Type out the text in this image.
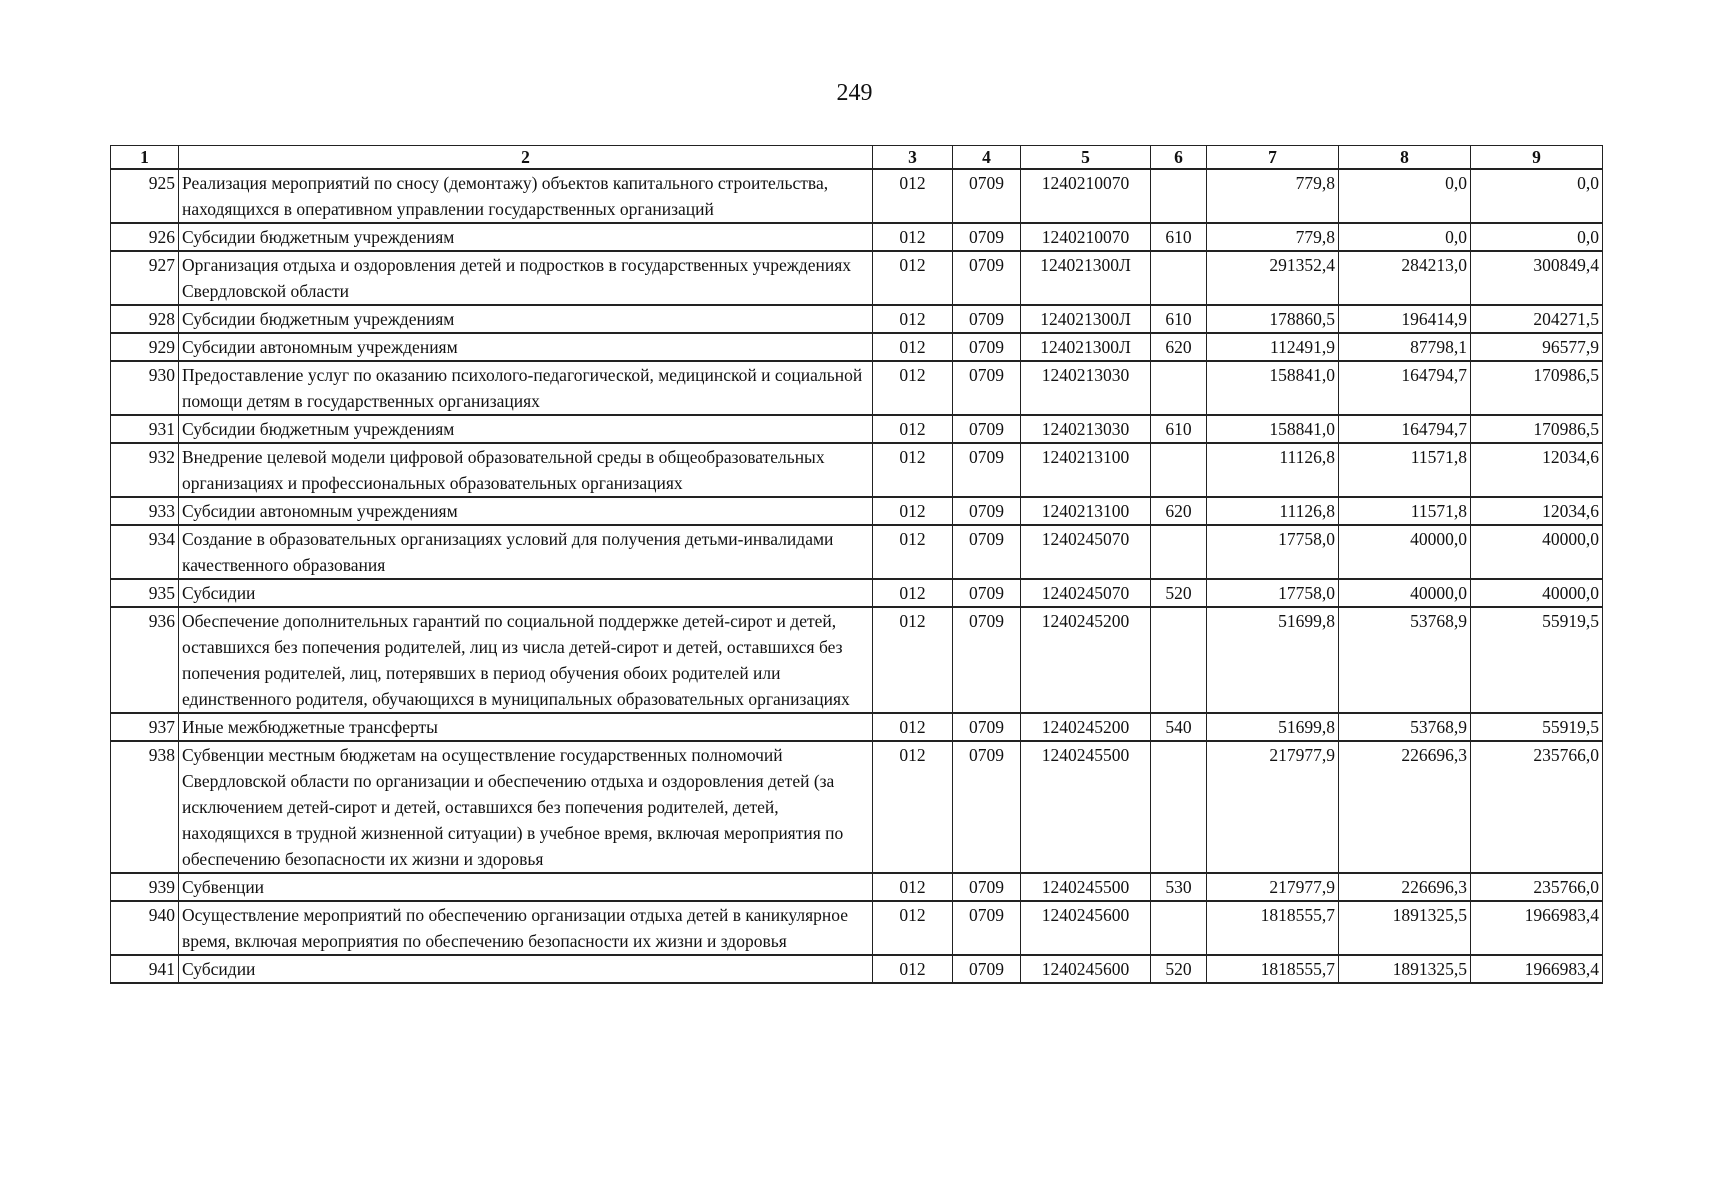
249
1	2	3	4	5	6	7	8	9
925	Реализация мероприятий по сносу (демонтажу) объектов капитального строительства, находящихся в оперативном управлении государственных организаций	012	0709	1240210070		779,8	0,0	0,0
926	Субсидии бюджетным учреждениям	012	0709	1240210070	610	779,8	0,0	0,0
927	Организация отдыха и оздоровления детей и подростков в государственных учреждениях Свердловской области	012	0709	124021300Л		291352,4	284213,0	300849,4
928	Субсидии бюджетным учреждениям	012	0709	124021300Л	610	178860,5	196414,9	204271,5
929	Субсидии автономным учреждениям	012	0709	124021300Л	620	112491,9	87798,1	96577,9
930	Предоставление услуг по оказанию психолого-педагогической, медицинской и социальной помощи детям в государственных организациях	012	0709	1240213030		158841,0	164794,7	170986,5
931	Субсидии бюджетным учреждениям	012	0709	1240213030	610	158841,0	164794,7	170986,5
932	Внедрение целевой модели цифровой образовательной среды в общеобразовательных организациях и профессиональных образовательных организациях	012	0709	1240213100		11126,8	11571,8	12034,6
933	Субсидии автономным учреждениям	012	0709	1240213100	620	11126,8	11571,8	12034,6
934	Создание в образовательных организациях условий для получения детьми-инвалидами качественного образования	012	0709	1240245070		17758,0	40000,0	40000,0
935	Субсидии	012	0709	1240245070	520	17758,0	40000,0	40000,0
936	Обеспечение дополнительных гарантий по социальной поддержке детей-сирот и детей, оставшихся без попечения родителей, лиц из числа детей-сирот и детей, оставшихся без попечения родителей, лиц, потерявших в период обучения обоих родителей или единственного родителя, обучающихся в муниципальных образовательных организациях	012	0709	1240245200		51699,8	53768,9	55919,5
937	Иные межбюджетные трансферты	012	0709	1240245200	540	51699,8	53768,9	55919,5
938	Субвенции местным бюджетам на осуществление государственных полномочий Свердловской области по организации и обеспечению отдыха и оздоровления детей (за исключением детей-сирот и детей, оставшихся без попечения родителей, детей, находящихся в трудной жизненной ситуации) в учебное время, включая мероприятия по обеспечению безопасности их жизни и здоровья	012	0709	1240245500		217977,9	226696,3	235766,0
939	Субвенции	012	0709	1240245500	530	217977,9	226696,3	235766,0
940	Осуществление мероприятий по обеспечению организации отдыха детей в каникулярное время, включая мероприятия по обеспечению безопасности их жизни и здоровья	012	0709	1240245600		1818555,7	1891325,5	1966983,4
941	Субсидии	012	0709	1240245600	520	1818555,7	1891325,5	1966983,4
